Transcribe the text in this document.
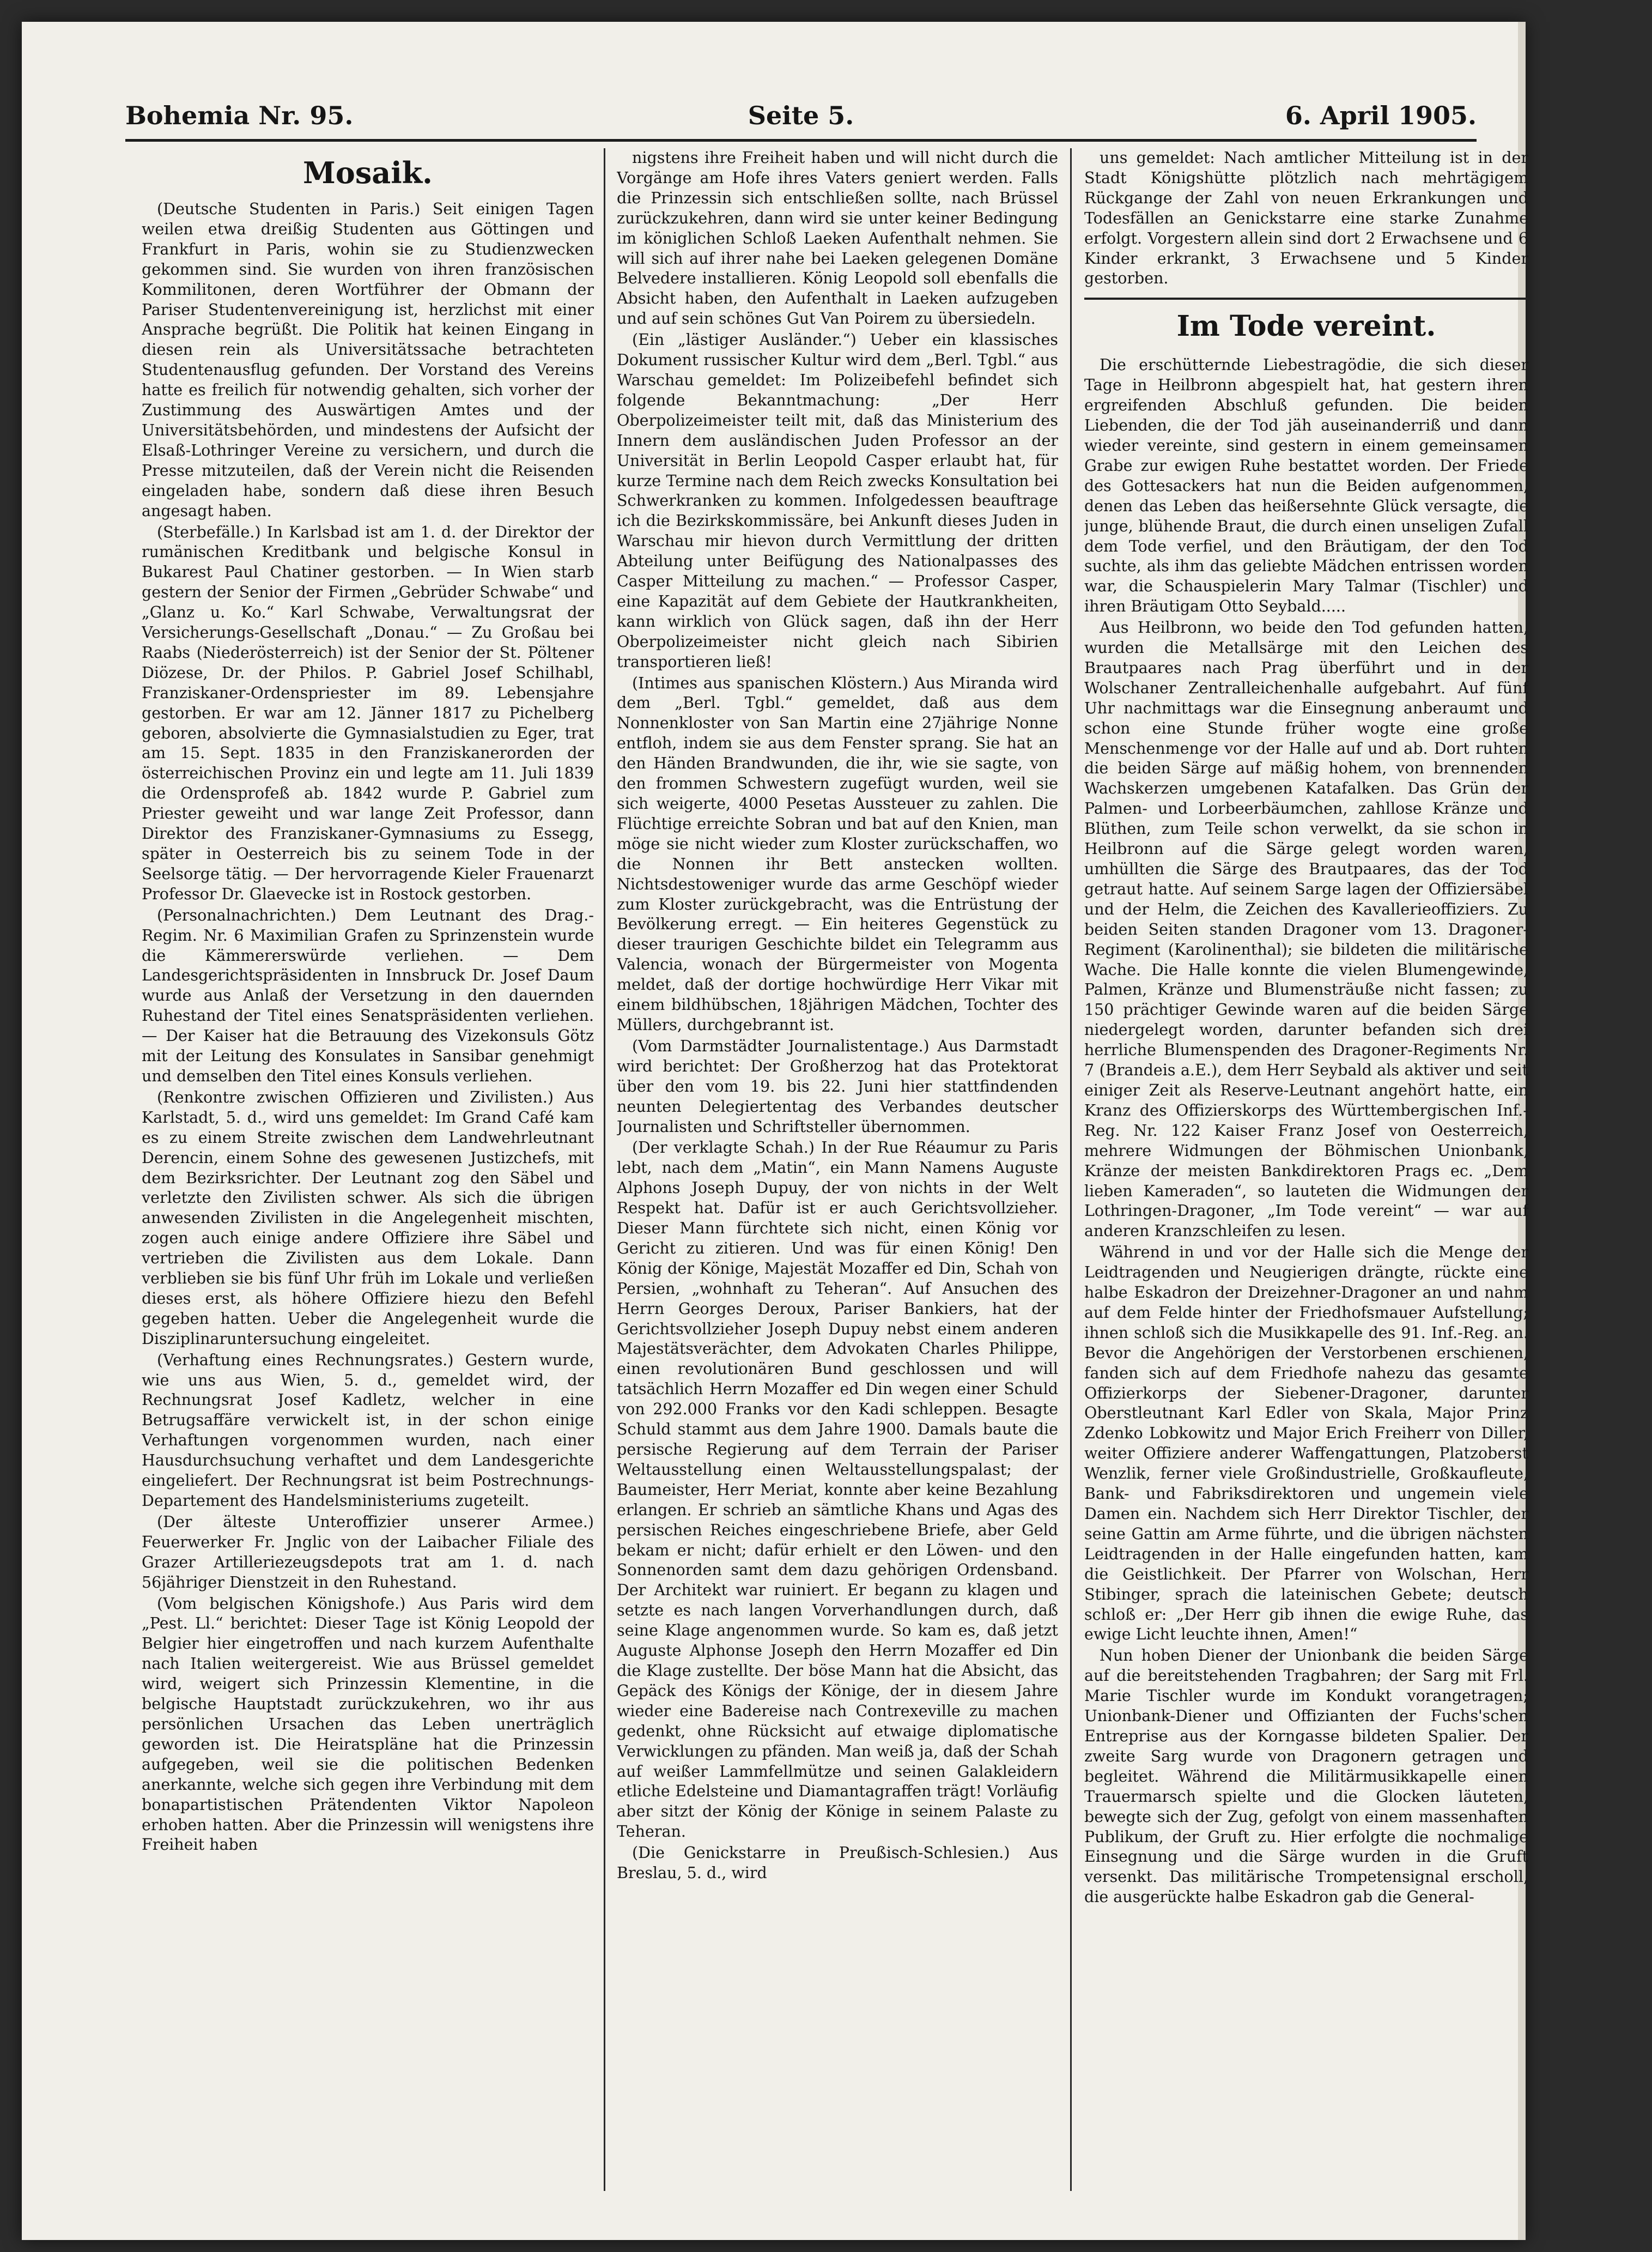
Bohemia Nr. 95.	Seite 5.	6. April 1905.
Mosaik.

(Deutsche Studenten in Paris.) Seit einigen Tagen weilen etwa dreißig Studenten aus Göttingen und Frankfurt in Paris, wohin sie zu Studienzwecken gekommen sind. Sie wurden von ihren französischen Kommilitonen, deren Wortführer der Obmann der Pariser Studentenvereinigung ist, herzlichst mit einer Ansprache begrüßt. Die Politik hat keinen Eingang in diesen rein als Universitätssache betrachteten Studentenausflug gefunden. Der Vorstand des Vereins hatte es freilich für notwendig gehalten, sich vorher der Zustimmung des Auswärtigen Amtes und der Universitätsbehörden, und mindestens der Aufsicht der Elsaß-Lothringer Vereine zu versichern, und durch die Presse mitzuteilen, daß der Verein nicht die Reisenden eingeladen habe, sondern daß diese ihren Besuch angesagt haben.

(Sterbefälle.) In Karlsbad ist am 1. d. der Direktor der rumänischen Kreditbank und belgische Konsul in Bukarest Paul Chatiner gestorben. — In Wien starb gestern der Senior der Firmen „Gebrüder Schwabe“ und „Glanz u. Ko.“ Karl Schwabe, Verwaltungsrat der Versicherungs-Gesellschaft „Donau.“ — Zu Großau bei Raabs (Niederösterreich) ist der Senior der St. Pöltener Diözese, Dr. der Philos. P. Gabriel Josef Schilhabl, Franziskaner-Ordenspriester im 89. Lebensjahre gestorben. Er war am 12. Jänner 1817 zu Pichelberg geboren, absolvierte die Gymnasialstudien zu Eger, trat am 15. Sept. 1835 in den Franziskanerorden der österreichischen Provinz ein und legte am 11. Juli 1839 die Ordensprofeß ab. 1842 wurde P. Gabriel zum Priester geweiht und war lange Zeit Professor, dann Direktor des Franziskaner-Gymnasiums zu Essegg, später in Oesterreich bis zu seinem Tode in der Seelsorge tätig. — Der hervorragende Kieler Frauenarzt Professor Dr. Glaevecke ist in Rostock gestorben.

(Personalnachrichten.) Dem Leutnant des Drag.-Regim. Nr. 6 Maximilian Grafen zu Sprinzenstein wurde die Kämmererswürde verliehen. — Dem Landesgerichtspräsidenten in Innsbruck Dr. Josef Daum wurde aus Anlaß der Versetzung in den dauernden Ruhestand der Titel eines Senatspräsidenten verliehen. — Der Kaiser hat die Betrauung des Vizekonsuls Götz mit der Leitung des Konsulates in Sansibar genehmigt und demselben den Titel eines Konsuls verliehen.

(Renkontre zwischen Offizieren und Zivilisten.) Aus Karlstadt, 5. d., wird uns gemeldet: Im Grand Café kam es zu einem Streite zwischen dem Landwehrleutnant Derencin, einem Sohne des gewesenen Justizchefs, mit dem Bezirksrichter. Der Leutnant zog den Säbel und verletzte den Zivilisten schwer. Als sich die übrigen anwesenden Zivilisten in die Angelegenheit mischten, zogen auch einige andere Offiziere ihre Säbel und vertrieben die Zivilisten aus dem Lokale. Dann verblieben sie bis fünf Uhr früh im Lokale und verließen dieses erst, als höhere Offiziere hiezu den Befehl gegeben hatten. Ueber die Angelegenheit wurde die Disziplinaruntersuchung eingeleitet.

(Verhaftung eines Rechnungsrates.) Gestern wurde, wie uns aus Wien, 5. d., gemeldet wird, der Rechnungsrat Josef Kadletz, welcher in eine Betrugsaffäre verwickelt ist, in der schon einige Verhaftungen vorgenommen wurden, nach einer Hausdurchsuchung verhaftet und dem Landesgerichte eingeliefert. Der Rechnungsrat ist beim Postrechnungs-Departement des Handelsministeriums zugeteilt.

(Der älteste Unteroffizier unserer Armee.) Feuerwerker Fr. Jnglic von der Laibacher Filiale des Grazer Artilleriezeugsdepots trat am 1. d. nach 56jähriger Dienstzeit in den Ruhestand.

(Vom belgischen Königshofe.) Aus Paris wird dem „Pest. Ll.“ berichtet: Dieser Tage ist König Leopold der Belgier hier eingetroffen und nach kurzem Aufenthalte nach Italien weitergereist. Wie aus Brüssel gemeldet wird, weigert sich Prinzessin Klementine, in die belgische Hauptstadt zurückzukehren, wo ihr aus persönlichen Ursachen das Leben unerträglich geworden ist. Die Heiratspläne hat die Prinzessin aufgegeben, weil sie die politischen Bedenken anerkannte, welche sich gegen ihre Verbindung mit dem bonapartistischen Prätendenten Viktor Napoleon erhoben hatten. Aber die Prinzessin will wenigstens ihre Freiheit haben

nigstens ihre Freiheit haben und will nicht durch die Vorgänge am Hofe ihres Vaters geniert werden. Falls die Prinzessin sich entschließen sollte, nach Brüssel zurückzukehren, dann wird sie unter keiner Bedingung im königlichen Schloß Laeken Aufenthalt nehmen. Sie will sich auf ihrer nahe bei Laeken gelegenen Domäne Belvedere installieren. König Leopold soll ebenfalls die Absicht haben, den Aufenthalt in Laeken aufzugeben und auf sein schönes Gut Van Poirem zu übersiedeln.

(Ein „lästiger Ausländer.“) Ueber ein klassisches Dokument russischer Kultur wird dem „Berl. Tgbl.“ aus Warschau gemeldet: Im Polizeibefehl befindet sich folgende Bekanntmachung: „Der Herr Oberpolizeimeister teilt mit, daß das Ministerium des Innern dem ausländischen Juden Professor an der Universität in Berlin Leopold Casper erlaubt hat, für kurze Termine nach dem Reich zwecks Konsultation bei Schwerkranken zu kommen. Infolgedessen beauftrage ich die Bezirkskommissäre, bei Ankunft dieses Juden in Warschau mir hievon durch Vermittlung der dritten Abteilung unter Beifügung des Nationalpasses des Casper Mitteilung zu machen.“ — Professor Casper, eine Kapazität auf dem Gebiete der Hautkrankheiten, kann wirklich von Glück sagen, daß ihn der Herr Oberpolizeimeister nicht gleich nach Sibirien transportieren ließ!

(Intimes aus spanischen Klöstern.) Aus Miranda wird dem „Berl. Tgbl.“ gemeldet, daß aus dem Nonnenkloster von San Martin eine 27jährige Nonne entfloh, indem sie aus dem Fenster sprang. Sie hat an den Händen Brandwunden, die ihr, wie sie sagte, von den frommen Schwestern zugefügt wurden, weil sie sich weigerte, 4000 Pesetas Aussteuer zu zahlen. Die Flüchtige erreichte Sobran und bat auf den Knien, man möge sie nicht wieder zum Kloster zurückschaffen, wo die Nonnen ihr Bett anstecken wollten. Nichtsdestoweniger wurde das arme Geschöpf wieder zum Kloster zurückgebracht, was die Entrüstung der Bevölkerung erregt. — Ein heiteres Gegenstück zu dieser traurigen Geschichte bildet ein Telegramm aus Valencia, wonach der Bürgermeister von Mogenta meldet, daß der dortige hochwürdige Herr Vikar mit einem bildhübschen, 18jährigen Mädchen, Tochter des Müllers, durchgebrannt ist.

(Vom Darmstädter Journalistentage.) Aus Darmstadt wird berichtet: Der Großherzog hat das Protektorat über den vom 19. bis 22. Juni hier stattfindenden neunten Delegiertentag des Verbandes deutscher Journalisten und Schriftsteller übernommen.

(Der verklagte Schah.) In der Rue Réaumur zu Paris lebt, nach dem „Matin“, ein Mann Namens Auguste Alphons Joseph Dupuy, der von nichts in der Welt Respekt hat. Dafür ist er auch Gerichtsvollzieher. Dieser Mann fürchtete sich nicht, einen König vor Gericht zu zitieren. Und was für einen König! Den König der Könige, Majestät Mozaffer ed Din, Schah von Persien, „wohnhaft zu Teheran“. Auf Ansuchen des Herrn Georges Deroux, Pariser Bankiers, hat der Gerichtsvollzieher Joseph Dupuy nebst einem anderen Majestätsverächter, dem Advokaten Charles Philippe, einen revolutionären Bund geschlossen und will tatsächlich Herrn Mozaffer ed Din wegen einer Schuld von 292.000 Franks vor den Kadi schleppen. Besagte Schuld stammt aus dem Jahre 1900. Damals baute die persische Regierung auf dem Terrain der Pariser Weltausstellung einen Weltausstellungspalast; der Baumeister, Herr Meriat, konnte aber keine Bezahlung erlangen. Er schrieb an sämtliche Khans und Agas des persischen Reiches eingeschriebene Briefe, aber Geld bekam er nicht; dafür erhielt er den Löwen- und den Sonnenorden samt dem dazu gehörigen Ordensband. Der Architekt war ruiniert. Er begann zu klagen und setzte es nach langen Vorverhandlungen durch, daß seine Klage angenommen wurde. So kam es, daß jetzt Auguste Alphonse Joseph den Herrn Mozaffer ed Din die Klage zustellte. Der böse Mann hat die Absicht, das Gepäck des Königs der Könige, der in diesem Jahre wieder eine Badereise nach Contrexeville zu machen gedenkt, ohne Rücksicht auf etwaige diplomatische Verwicklungen zu pfänden. Man weiß ja, daß der Schah auf weißer Lammfellmütze und seinen Galakleidern etliche Edelsteine und Diamantagraffen trägt! Vorläufig aber sitzt der König der Könige in seinem Palaste zu Teheran.

(Die Genickstarre in Preußisch-Schlesien.) Aus Breslau, 5. d., wird

uns gemeldet: Nach amtlicher Mitteilung ist in der Stadt Königshütte plötzlich nach mehrtägigem Rückgange der Zahl von neuen Erkrankungen und Todesfällen an Genickstarre eine starke Zunahme erfolgt. Vorgestern allein sind dort 2 Erwachsene und 6 Kinder erkrankt, 3 Erwachsene und 5 Kinder gestorben.

Im Tode vereint.

Die erschütternde Liebestragödie, die sich dieser Tage in Heilbronn abgespielt hat, hat gestern ihren ergreifenden Abschluß gefunden. Die beiden Liebenden, die der Tod jäh auseinanderriß und dann wieder vereinte, sind gestern in einem gemeinsamen Grabe zur ewigen Ruhe bestattet worden. Der Friede des Gottesackers hat nun die Beiden aufgenommen, denen das Leben das heißersehnte Glück versagte, die junge, blühende Braut, die durch einen unseligen Zufall dem Tode verfiel, und den Bräutigam, der den Tod suchte, als ihm das geliebte Mädchen entrissen worden war, die Schauspielerin Mary Talmar (Tischler) und ihren Bräutigam Otto Seybald.....

Aus Heilbronn, wo beide den Tod gefunden hatten, wurden die Metallsärge mit den Leichen des Brautpaares nach Prag überführt und in der Wolschaner Zentralleichenhalle aufgebahrt. Auf fünf Uhr nachmittags war die Einsegnung anberaumt und schon eine Stunde früher wogte eine große Menschenmenge vor der Halle auf und ab. Dort ruhten die beiden Särge auf mäßig hohem, von brennenden Wachskerzen umgebenen Katafalken. Das Grün der Palmen- und Lorbeerbäumchen, zahllose Kränze und Blüthen, zum Teile schon verwelkt, da sie schon in Heilbronn auf die Särge gelegt worden waren, umhüllten die Särge des Brautpaares, das der Tod getraut hatte. Auf seinem Sarge lagen der Offiziersäbel und der Helm, die Zeichen des Kavallerieoffiziers. Zu beiden Seiten standen Dragoner vom 13. Dragoner-Regiment (Karolinenthal); sie bildeten die militärische Wache. Die Halle konnte die vielen Blumengewinde, Palmen, Kränze und Blumensträuße nicht fassen; zu 150 prächtiger Gewinde waren auf die beiden Särge niedergelegt worden, darunter befanden sich drei herrliche Blumenspenden des Dragoner-Regiments Nr. 7 (Brandeis a.E.), dem Herr Seybald als aktiver und seit einiger Zeit als Reserve-Leutnant angehört hatte, ein Kranz des Offizierskorps des Württembergischen Inf.-Reg. Nr. 122 Kaiser Franz Josef von Oesterreich, mehrere Widmungen der Böhmischen Unionbank, Kränze der meisten Bankdirektoren Prags ec. „Dem lieben Kameraden“, so lauteten die Widmungen der Lothringen-Dragoner, „Im Tode vereint“ — war auf anderen Kranzschleifen zu lesen.

Während in und vor der Halle sich die Menge der Leidtragenden und Neugierigen drängte, rückte eine halbe Eskadron der Dreizehner-Dragoner an und nahm auf dem Felde hinter der Friedhofsmauer Aufstellung; ihnen schloß sich die Musikkapelle des 91. Inf.-Reg. an. Bevor die Angehörigen der Verstorbenen erschienen, fanden sich auf dem Friedhofe nahezu das gesamte Offizierkorps der Siebener-Dragoner, darunter Oberstleutnant Karl Edler von Skala, Major Prinz Zdenko Lobkowitz und Major Erich Freiherr von Diller, weiter Offiziere anderer Waffengattungen, Platzoberst Wenzlik, ferner viele Großindustrielle, Großkaufleute, Bank- und Fabriksdirektoren und ungemein viele Damen ein. Nachdem sich Herr Direktor Tischler, der seine Gattin am Arme führte, und die übrigen nächsten Leidtragenden in der Halle eingefunden hatten, kam die Geistlichkeit. Der Pfarrer von Wolschan, Herr Stibinger, sprach die lateinischen Gebete; deutsch schloß er: „Der Herr gib ihnen die ewige Ruhe, das ewige Licht leuchte ihnen, Amen!“

Nun hoben Diener der Unionbank die beiden Särge auf die bereitstehenden Tragbahren; der Sarg mit Frl. Marie Tischler wurde im Kondukt vorangetragen; Unionbank-Diener und Offizianten der Fuchs'schen Entreprise aus der Korngasse bildeten Spalier. Der zweite Sarg wurde von Dragonern getragen und begleitet. Während die Militärmusikkapelle einen Trauermarsch spielte und die Glocken läuteten, bewegte sich der Zug, gefolgt von einem massenhaften Publikum, der Gruft zu. Hier erfolgte die nochmalige Einsegnung und die Särge wurden in die Gruft versenkt. Das militärische Trompetensignal erscholl, die ausgerückte halbe Eskadron gab die General-
